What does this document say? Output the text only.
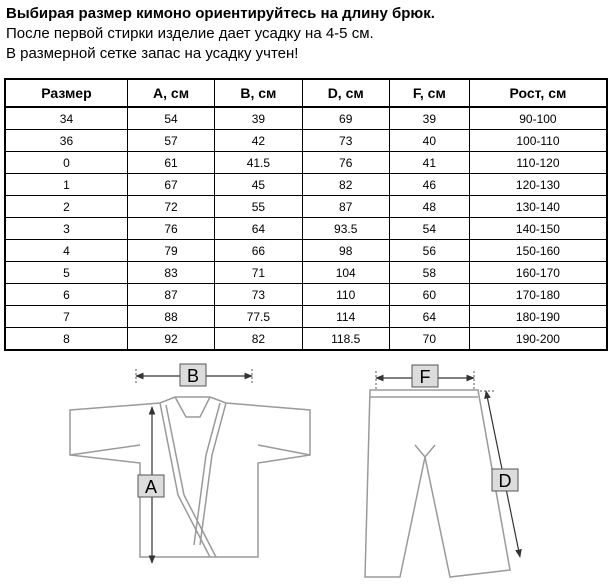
Выбирая размер кимоно ориентируйтесь на длину брюк.
После первой стирки изделие дает усадку на 4-5 см.
В размерной сетке запас на усадку учтен!
Размер	A, см	B, см	D, см	F, см	Рост, см
34	54	39	69	39	90-100
36	57	42	73	40	100-110
0	61	41.5	76	41	110-120
1	67	45	82	46	120-130
2	72	55	87	48	130-140
3	76	64	93.5	54	140-150
4	79	66	98	56	150-160
5	83	71	104	58	160-170
6	87	73	110	60	170-180
7	88	77.5	114	64	180-190
8	92	82	118.5	70	190-200
B
A
F
D
